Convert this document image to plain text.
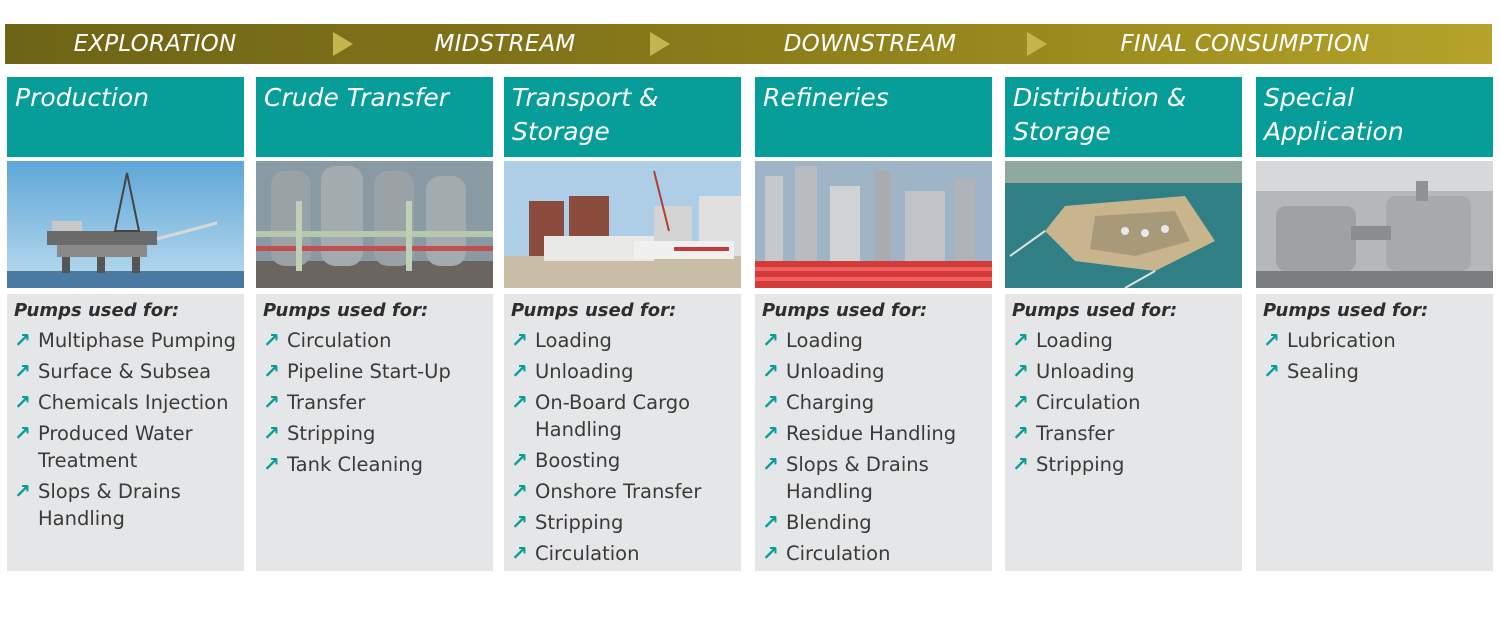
EXPLORATION	MIDSTREAM	DOWNSTREAM	FINAL CONSUMPTION
Production
Pumps used for:
↗ Multiphase Pumping
↗ Surface & Subsea
↗ Chemicals Injection
↗ Produced Water Treatment
↗ Slops & Drains Handling
Crude Transfer
Pumps used for:
↗ Circulation
↗ Pipeline Start-Up
↗ Transfer
↗ Stripping
↗ Tank Cleaning
Transport & Storage
Pumps used for:
↗ Loading
↗ Unloading
↗ On-Board Cargo Handling
↗ Boosting
↗ Onshore Transfer
↗ Stripping
↗ Circulation
Refineries
Pumps used for:
↗ Loading
↗ Unloading
↗ Charging
↗ Residue Handling
↗ Slops & Drains Handling
↗ Blending
↗ Circulation
Distribution & Storage
Pumps used for:
↗ Loading
↗ Unloading
↗ Circulation
↗ Transfer
↗ Stripping
Special Application
Pumps used for:
↗ Lubrication
↗ Sealing
